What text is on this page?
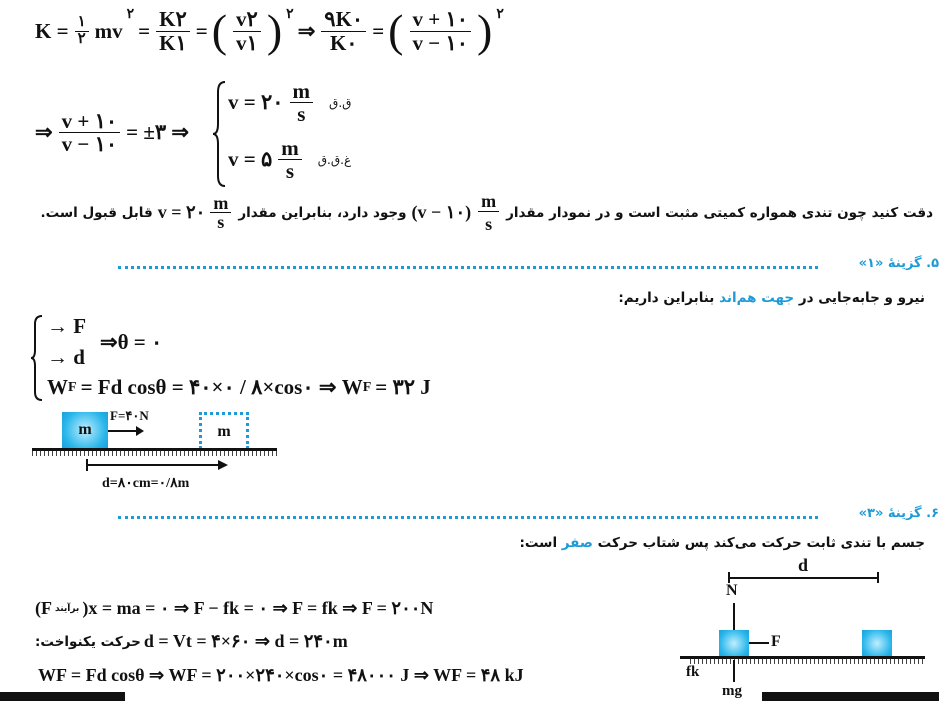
$K = \frac{۱}{۲}$ mv
۲
= $\frac{K۲}{K۱}$ = ( $\frac{v۲}{v۱}$ ) ۲
⇒ $\frac{۹K۰}{K۰}$ = ( $\frac{v + ۱۰}{v - ۱۰}$ ) ۲
⇒ $\frac{v + ۱۰}{v - ۱۰}$ = ±۳ ⇒
v = ۲۰ $\frac{m}{s}$ ق.ق
v = ۵ $\frac{m}{s}$ غ.ق.ق
دقت کنید چون تندی همواره کمیتی مثبت است و در نمودار مقدار
$\frac{m}{s}$
(v − ۱۰)
وجود دارد، بنابراین مقدار
v = ۲۰ $\frac{m}{s}$
قابل قبول است.
۵. گزینهٔ «۱»
نیرو و جابه‌جایی در جهت هم‌اند بنابراین داریم:
→ F
→ d
⇒θ = ۰
W F = Fd cosθ = ۴۰×۰ / ۸×cos۰ ⇒ W F = ۳۲ J
m
F=۴۰N
m
d=۸۰cm=۰/۸m
۶. گزینهٔ «۳»
جسم با تندی ثابت حرکت می‌کند پس شتاب حرکت صفر است:
(F برآیند )x = ma = ۰ ⇒ F − fk = ۰ ⇒ F = fk ⇒ F = ۲۰۰N
حرکت یکنواخت: d = Vt = ۴×۶۰ ⇒ d = ۲۴۰m
WF = Fd cosθ ⇒ WF = ۲۰۰×۲۴۰×cos۰ = ۴۸۰۰۰ J ⇒ WF = ۴۸ kJ
d
N
F
fk
mg
